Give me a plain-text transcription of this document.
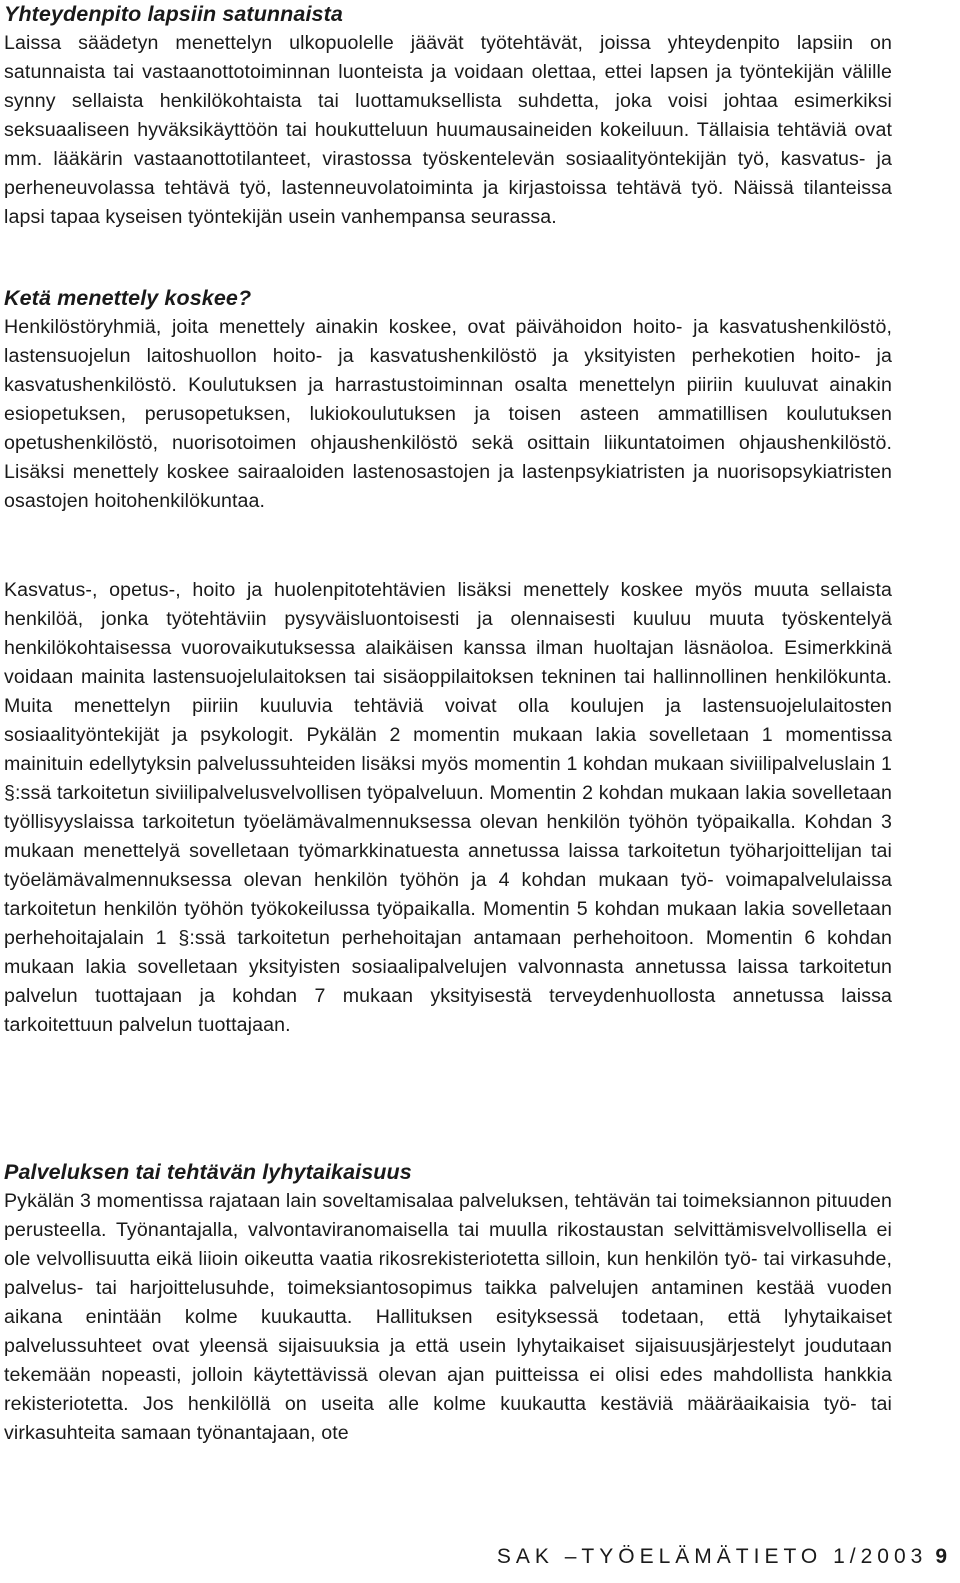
Yhteydenpito lapsiin satunnaista

Laissa säädetyn menettelyn ulkopuolelle jäävät työtehtävät, joissa yhteydenpito lapsiin on satunnaista tai vastaanottotoiminnan luonteista ja voidaan olettaa, ettei lapsen ja työntekijän välille synny sellaista henkilökohtaista tai luottamuksellista suhdetta, joka voisi johtaa esimerkiksi seksuaaliseen hyväksikäyttöön tai houkutteluun huumausaineiden kokeiluun. Tällaisia tehtäviä ovat mm. lääkärin vastaanottotilanteet, virastossa työskentelevän sosiaalityöntekijän työ, kasvatus- ja perheneuvolassa tehtävä työ, lastenneuvolatoiminta ja kirjastoissa tehtävä työ. Näissä tilanteissa lapsi tapaa kyseisen työntekijän usein vanhempansa seurassa.

Ketä menettely koskee?

Henkilöstöryhmiä, joita menettely ainakin koskee, ovat päivähoidon hoito- ja kasvatushenkilöstö, lastensuojelun laitoshuollon hoito- ja kasvatushenkilöstö ja yksityisten perhekotien hoito- ja kasvatushenkilöstö. Koulutuksen ja harrastustoiminnan osalta menettelyn piiriin kuuluvat ainakin esiopetuksen, perusopetuksen, lukiokoulutuksen ja toisen asteen ammatillisen koulutuksen opetushenkilöstö, nuorisotoimen ohjaushenkilöstö sekä osittain liikuntatoimen ohjaushenkilöstö. Lisäksi menettely koskee sairaaloiden lastenosastojen ja lastenpsykiatristen ja nuorisopsykiatristen osastojen hoitohenkilökuntaa.

Kasvatus-, opetus-, hoito ja huolenpitotehtävien lisäksi menettely koskee myös muuta sellaista henkilöä, jonka työtehtäviin pysyväisluontoisesti ja olennaisesti kuuluu muuta työskentelyä henkilökohtaisessa vuorovaikutuksessa alaikäisen kanssa ilman huoltajan läsnäoloa. Esimerkkinä voidaan mainita lastensuojelulaitoksen tai sisäoppilaitoksen tekninen tai hallinnollinen henkilökunta. Muita menettelyn piiriin kuuluvia tehtäviä voivat olla koulujen ja lastensuojelulaitosten sosiaalityöntekijät ja psykologit. Pykälän 2 momentin mukaan lakia sovelletaan 1 momentissa mainituin edellytyksin palvelussuhteiden lisäksi myös momentin 1 kohdan mukaan siviilipalveluslain 1 §:ssä tarkoitetun siviilipalvelusvelvollisen työpalveluun. Momentin 2 kohdan mukaan lakia sovelletaan työllisyyslaissa tarkoitetun työelämävalmennuksessa olevan henkilön työhön työpaikalla. Kohdan 3 mukaan menettelyä sovelletaan työmarkkinatuesta annetussa laissa tarkoitetun työharjoittelijan tai työelämävalmennuksessa olevan henkilön työhön ja 4 kohdan mukaan työ- voimapalvelulaissa tarkoitetun henkilön työhön työkokeilussa työpaikalla. Momentin 5 kohdan mukaan lakia sovelletaan perhehoitajalain 1 §:ssä tarkoitetun perhehoitajan antamaan perhehoitoon. Momentin 6 kohdan mukaan lakia sovelletaan yksityisten sosiaalipalvelujen valvonnasta annetussa laissa tarkoitetun palvelun tuottajaan ja kohdan 7 mukaan yksityisestä terveydenhuollosta annetussa laissa tarkoitettuun palvelun tuottajaan.

Palveluksen tai tehtävän lyhytaikaisuus

Pykälän 3 momentissa rajataan lain soveltamisalaa palveluksen, tehtävän tai toimeksiannon pituuden perusteella. Työnantajalla, valvontaviranomaisella tai muulla rikostaustan selvittämisvelvollisella ei ole velvollisuutta eikä liioin oikeutta vaatia rikosrekisteriotetta silloin, kun henkilön työ- tai virkasuhde, palvelus- tai harjoittelusuhde, toimeksiantosopimus taikka palvelujen antaminen kestää vuoden aikana enintään kolme kuukautta. Hallituksen esityksessä todetaan, että lyhytaikaiset palvelussuhteet ovat yleensä sijaisuuksia ja että usein lyhytaikaiset sijaisuusjärjestelyt joudutaan tekemään nopeasti, jolloin käytettävissä olevan ajan puitteissa ei olisi edes mahdollista hankkia rekisteriotetta. Jos henkilöllä on useita alle kolme kuukautta kestäviä määräaikaisia työ- tai virkasuhteita samaan työnantajaan, ote

SAK –TYÖELÄMÄTIETO 1/2003 9
